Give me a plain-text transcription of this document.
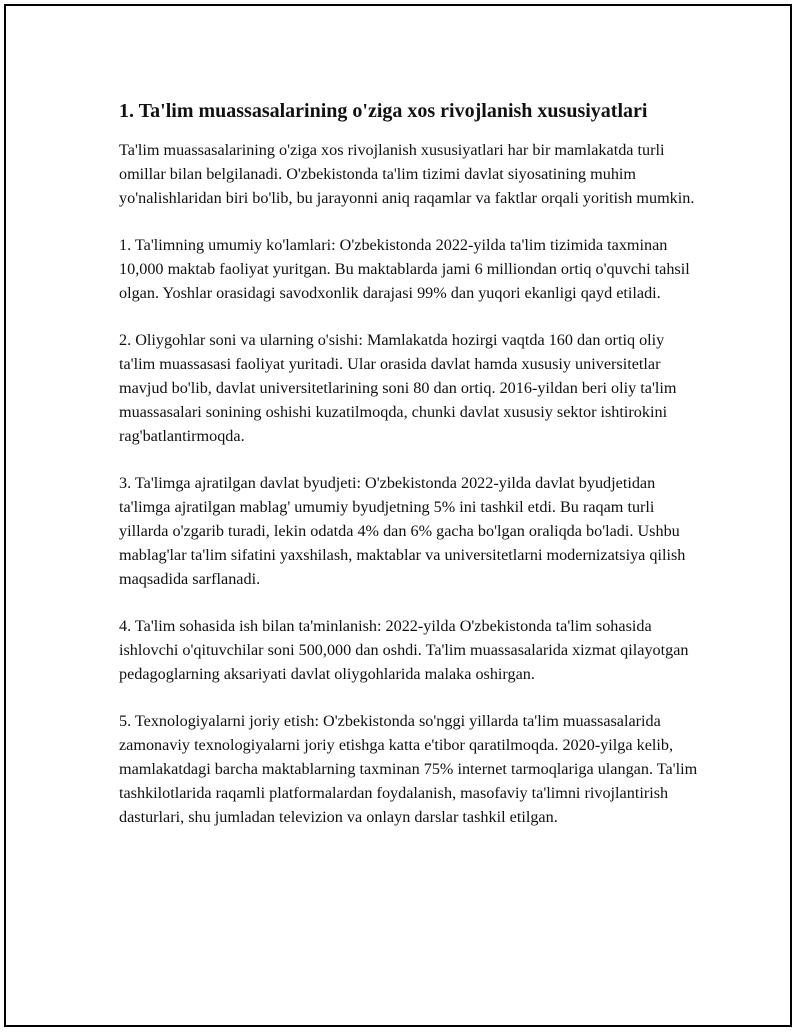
1. Ta'lim muassasalarining o'ziga xos rivojlanish xususiyatlari

Ta'lim muassasalarining o'ziga xos rivojlanish xususiyatlari har bir mamlakatda turli omillar bilan belgilanadi. O'zbekistonda ta'lim tizimi davlat siyosatining muhim yo'nalishlaridan biri bo'lib, bu jarayonni aniq raqamlar va faktlar orqali yoritish mumkin.

1. Ta'limning umumiy ko'lamlari: O'zbekistonda 2022-yilda ta'lim tizimida taxminan 10,000 maktab faoliyat yuritgan. Bu maktablarda jami 6 milliondan ortiq o'quvchi tahsil olgan. Yoshlar orasidagi savodxonlik darajasi 99% dan yuqori ekanligi qayd etiladi.

2. Oliygohlar soni va ularning o'sishi: Mamlakatda hozirgi vaqtda 160 dan ortiq oliy ta'lim muassasasi faoliyat yuritadi. Ular orasida davlat hamda xususiy universitetlar mavjud bo'lib, davlat universitetlarining soni 80 dan ortiq. 2016-yildan beri oliy ta'lim muassasalari sonining oshishi kuzatilmoqda, chunki davlat xususiy sektor ishtirokini rag'batlantirmoqda.

3. Ta'limga ajratilgan davlat byudjeti: O'zbekistonda 2022-yilda davlat byudjetidan ta'limga ajratilgan mablag' umumiy byudjetning 5% ini tashkil etdi. Bu raqam turli yillarda o'zgarib turadi, lekin odatda 4% dan 6% gacha bo'lgan oraliqda bo'ladi. Ushbu mablag'lar ta'lim sifatini yaxshilash, maktablar va universitetlarni modernizatsiya qilish maqsadida sarflanadi.

4. Ta'lim sohasida ish bilan ta'minlanish: 2022-yilda O'zbekistonda ta'lim sohasida ishlovchi o'qituvchilar soni 500,000 dan oshdi. Ta'lim muassasalarida xizmat qilayotgan pedagoglarning aksariyati davlat oliygohlarida malaka oshirgan.

5. Texnologiyalarni joriy etish: O'zbekistonda so'nggi yillarda ta'lim muassasalarida zamonaviy texnologiyalarni joriy etishga katta e'tibor qaratilmoqda. 2020-yilga kelib, mamlakatdagi barcha maktablarning taxminan 75% internet tarmoqlariga ulangan. Ta'lim tashkilotlarida raqamli platformalardan foydalanish, masofaviy ta'limni rivojlantirish dasturlari, shu jumladan televizion va onlayn darslar tashkil etilgan.
